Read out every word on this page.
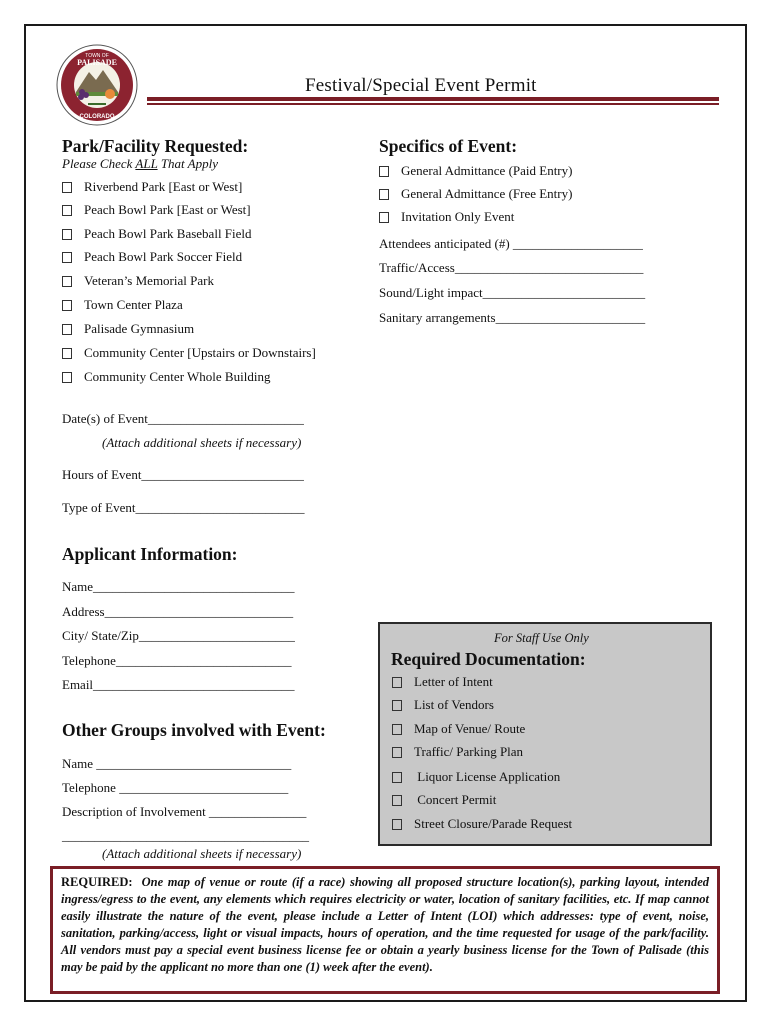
TOWN OF
PALISADE
COLORADO
Festival/Special Event Permit
Park/Facility Requested:
Please Check ALL That Apply
Riverbend Park [East or West]
Peach Bowl Park [East or West]
Peach Bowl Park Baseball Field
Peach Bowl Park Soccer Field
Veteran’s Memorial Park
Town Center Plaza
Palisade Gymnasium
Community Center [Upstairs or Downstairs]
Community Center Whole Building
Specifics of Event:
General Admittance (Paid Entry)
General Admittance (Free Entry)
Invitation Only Event
Attendees anticipated (#) ____________________
Traffic/Access_____________________________
Sound/Light impact_________________________
Sanitary arrangements_______________________
Date(s) of Event________________________
(Attach additional sheets if necessary)
Hours of Event_________________________
Type of Event__________________________
Applicant Information:
Name_______________________________
Address_____________________________
City/ State/Zip________________________
Telephone___________________________
Email_______________________________
Other Groups involved with Event:
Name ______________________________
Telephone __________________________
Description of Involvement _______________
______________________________________
(Attach additional sheets if necessary)
For Staff Use Only
Required Documentation:
Letter of Intent
List of Vendors
Map of Venue/ Route
Traffic/ Parking Plan
Liquor License Application
Concert Permit
Street Closure/Parade Request

REQUIRED: One map of venue or route (if a race) showing all proposed structure location(s), parking layout, intended ingress/egress to the event, any elements which requires electricity or water, location of sanitary facilities, etc. If map cannot easily illustrate the nature of the event, please include a Letter of Intent (LOI) which addresses: type of event, noise, sanitation, parking/access, light or visual impacts, hours of operation, and the time requested for usage of the park/facility. All vendors must pay a special event business license fee or obtain a yearly business license for the Town of Palisade (this may be paid by the applicant no more than one (1) week after the event).
